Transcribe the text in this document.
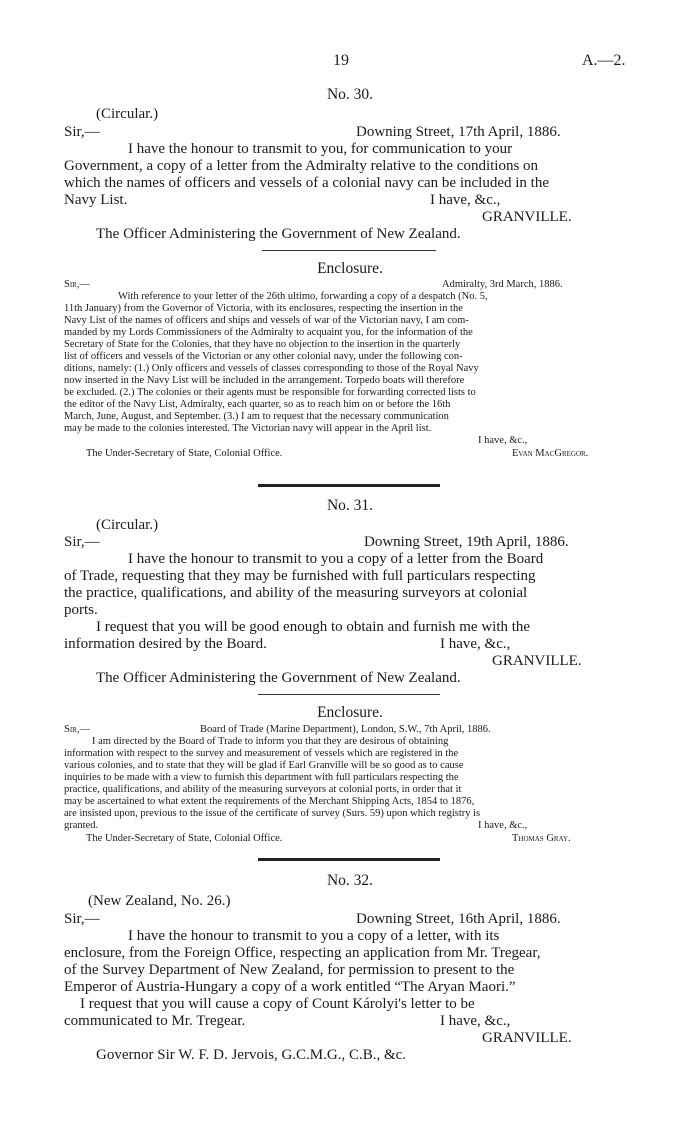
19	A.—2.
No. 30.
(Circular.)
Sir,—	Downing Street, 17th April, 1886.
I have the honour to transmit to you, for communication to your
Government, a copy of a letter from the Admiralty relative to the conditions on
which the names of officers and vessels of a colonial navy can be included in the
Navy List.	I have, &c.,
GRANVILLE.
The Officer Administering the Government of New Zealand.
Enclosure.
Sir,—	Admiralty, 3rd March, 1886.
With reference to your letter of the 26th ultimo, forwarding a copy of a despatch (No. 5,
11th January) from the Governor of Victoria, with its enclosures, respecting the insertion in the
Navy List of the names of officers and ships and vessels of war of the Victorian navy, I am com-
manded by my Lords Commissioners of the Admiralty to acquaint you, for the information of the
Secretary of State for the Colonies, that they have no objection to the insertion in the quarterly
list of officers and vessels of the Victorian or any other colonial navy, under the following con-
ditions, namely: (1.) Only officers and vessels of classes corresponding to those of the Royal Navy
now inserted in the Navy List will be included in the arrangement. Torpedo boats will therefore
be excluded. (2.) The colonies or their agents must be responsible for forwarding corrected lists to
the editor of the Navy List, Admiralty, each quarter, so as to reach him on or before the 16th
March, June, August, and September. (3.) I am to request that the necessary communication
may be made to the colonies interested. The Victorian navy will appear in the April list.
I have, &c.,
The Under-Secretary of State, Colonial Office.	Evan MacGregor.
No. 31.
(Circular.)
Sir,—	Downing Street, 19th April, 1886.
I have the honour to transmit to you a copy of a letter from the Board
of Trade, requesting that they may be furnished with full particulars respecting
the practice, qualifications, and ability of the measuring surveyors at colonial
ports.
I request that you will be good enough to obtain and furnish me with the
information desired by the Board.	I have, &c.,
GRANVILLE.
The Officer Administering the Government of New Zealand.
Enclosure.
Sir,—	Board of Trade (Marine Department), London, S.W., 7th April, 1886.
I am directed by the Board of Trade to inform you that they are desirous of obtaining
information with respect to the survey and measurement of vessels which are registered in the
various colonies, and to state that they will be glad if Earl Granville will be so good as to cause
inquiries to be made with a view to furnish this department with full particulars respecting the
practice, qualifications, and ability of the measuring surveyors at colonial ports, in order that it
may be ascertained to what extent the requirements of the Merchant Shipping Acts, 1854 to 1876,
are insisted upon, previous to the issue of the certificate of survey (Surs. 59) upon which registry is
granted.	I have, &c.,
The Under-Secretary of State, Colonial Office.	Thomas Gray.
No. 32.
(New Zealand, No. 26.)
Sir,—	Downing Street, 16th April, 1886.
I have the honour to transmit to you a copy of a letter, with its
enclosure, from the Foreign Office, respecting an application from Mr. Tregear,
of the Survey Department of New Zealand, for permission to present to the
Emperor of Austria-Hungary a copy of a work entitled “The Aryan Maori.”
I request that you will cause a copy of Count Károlyi's letter to be
communicated to Mr. Tregear.	I have, &c.,
GRANVILLE.
Governor Sir W. F. D. Jervois, G.C.M.G., C.B., &c.
